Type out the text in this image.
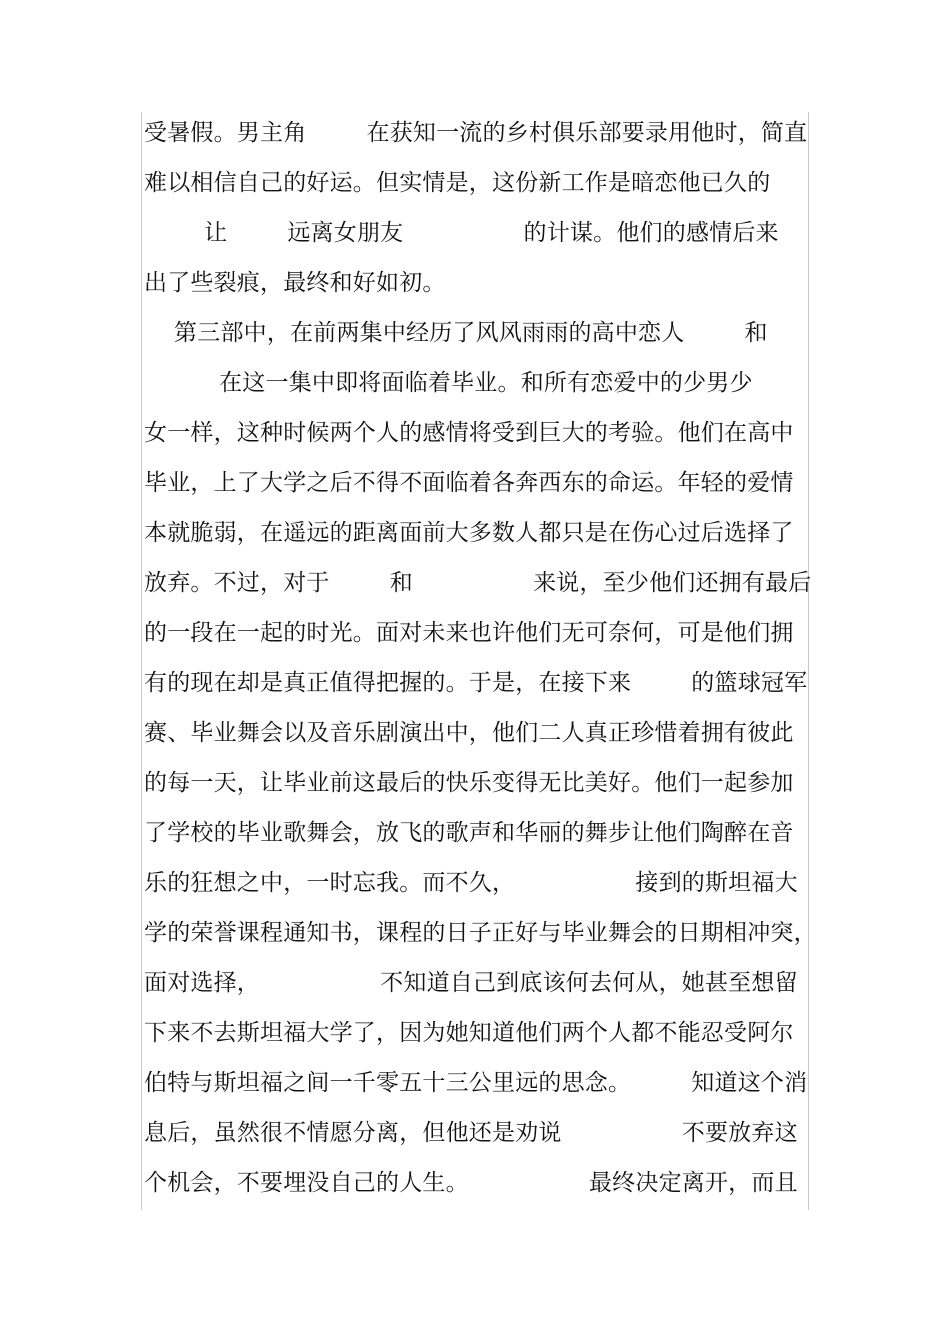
受暑假。男主角        在获知一流的乡村俱乐部要录用他时，简直
难以相信自己的好运。但实情是，这份新工作是暗恋他已久的
让        远离女朋友                的计谋。他们的感情后来
出了些裂痕，最终和好如初。
第三部中，在前两集中经历了风风雨雨的高中恋人        和
在这一集中即将面临着毕业。和所有恋爱中的少男少
女一样，这种时候两个人的感情将受到巨大的考验。他们在高中
毕业，上了大学之后不得不面临着各奔西东的命运。年轻的爱情
本就脆弱，在遥远的距离面前大多数人都只是在伤心过后选择了
放弃。不过，对于        和                来说，至少他们还拥有最后
的一段在一起的时光。面对未来也许他们无可奈何，可是他们拥
有的现在却是真正值得把握的。于是，在接下来        的篮球冠军
赛、毕业舞会以及音乐剧演出中，他们二人真正珍惜着拥有彼此
的每一天，让毕业前这最后的快乐变得无比美好。他们一起参加
了学校的毕业歌舞会，放飞的歌声和华丽的舞步让他们陶醉在音
乐的狂想之中，一时忘我。而不久，                接到的斯坦福大
学的荣誉课程通知书，课程的日子正好与毕业舞会的日期相冲突，
面对选择，                不知道自己到底该何去何从，她甚至想留
下来不去斯坦福大学了，因为她知道他们两个人都不能忍受阿尔
伯特与斯坦福之间一千零五十三公里远的思念。        知道这个消
息后，虽然很不情愿分离，但他还是劝说                不要放弃这
个机会，不要埋没自己的人生。                最终决定离开，而且
